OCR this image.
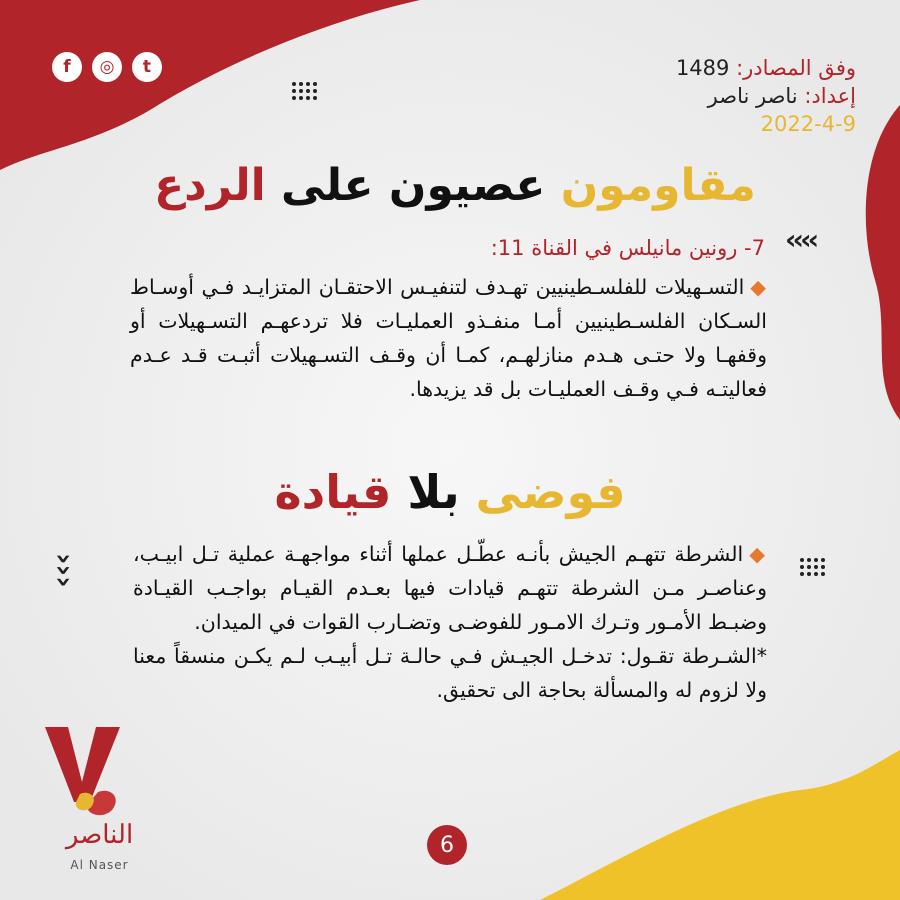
f	◎	t	وفق المصادر: 1489
إعداد: ناصر ناصر
2022-4-9
مقاومون عصيون على الردع
‹‹‹‹
7- رونين مانيلس في القناة 11:
◆التسـهيلات للفلسـطينيين تهـدف لتنفيـس الاحتقـان المتزايـد فـي أوسـاط السـكان الفلسـطينيين أمـا منفـذو العمليـات فلا تردعهـم التسـهيلات أو وقفهـا ولا حتـى هـدم منازلهـم، كمـا أن وقـف التسـهيلات أثبـت قـد عـدم فعاليتـه فـي وقـف العمليـات بل قد يزيدها.
فوضى بلا قيادة
›››	◆الشرطة تتهـم الجيش بأنـه عطّـل عملها أثناء مواجهـة عملية تـل ابيـب، وعناصـر مـن الشرطة تتهـم قيادات فيها بعـدم القيـام بواجـب القيـادة وضبـط الأمـور وتـرك الامـور للفوضـى وتضـارب القوات في الميدان.
*الشـرطة تقـول: تدخـل الجيـش فـي حالـة تـل أبيـب لـم يكـن منسقاً معنا ولا لزوم له والمسألة بحاجة الى تحقيق.
الناصر
Al Naser
6
